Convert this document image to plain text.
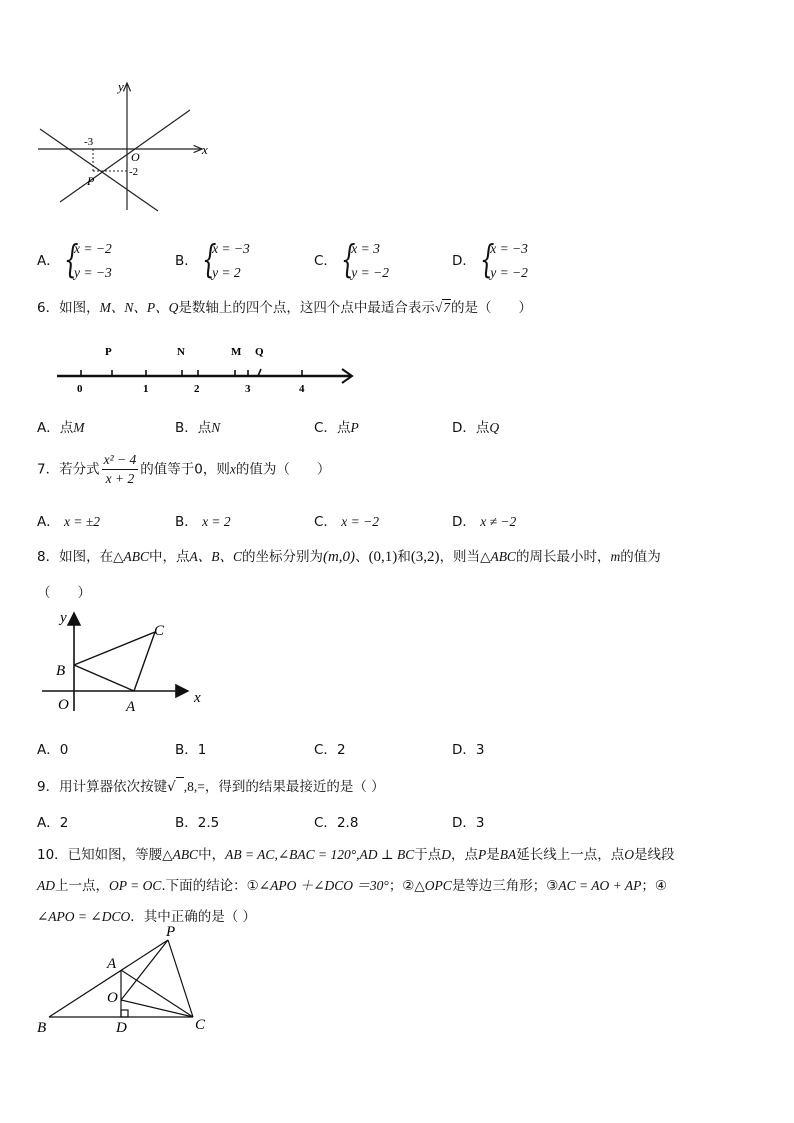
y
x
O
-3
-2
P
A． {
x = −2
y = −3
B． {
x = −3
y = 2
C． {
x = 3
y = −2
D． {
x = −3
y = −2
6．如图，M、N、P、Q是数轴上的四个点，这四个点中最适合表示√7的是（　　）
P	N	M Q
0	1	2	3	4
A．点M	B．点N	C．点P	D．点Q
7．若分式 $\frac{\text{x² − 4}}{x + 2}$ 的值等于0，则x的值为（　　）
A． x = ±2	B． x = 2	C． x = −2	D． x ≠ −2
8．如图，在△ABC中，点A、B、C的坐标分别为(m,0)、(0,1)和(3,2)，则当△ABC的周长最小时，m的值为
（　　）
y
x
O	A
B
C
A．0	B．1	C．2	D．3
9．用计算器依次按键√ ,8,=，得到的结果最接近的是（ ）
A．2	B．2.5	C．2.8	D．3
10．已知如图，等腰△ABC中，AB = AC,∠BAC = 120°,AD ⊥ BC于点D，点P是BA延长线上一点，点O是线段
AD上一点，OP = OC.下面的结论：①∠APO ＋∠DCO ＝30°；②△OPC是等边三角形；③AC = AO + AP；④
∠APO = ∠DCO．其中正确的是（ ）
P
A
O
B	D	C
